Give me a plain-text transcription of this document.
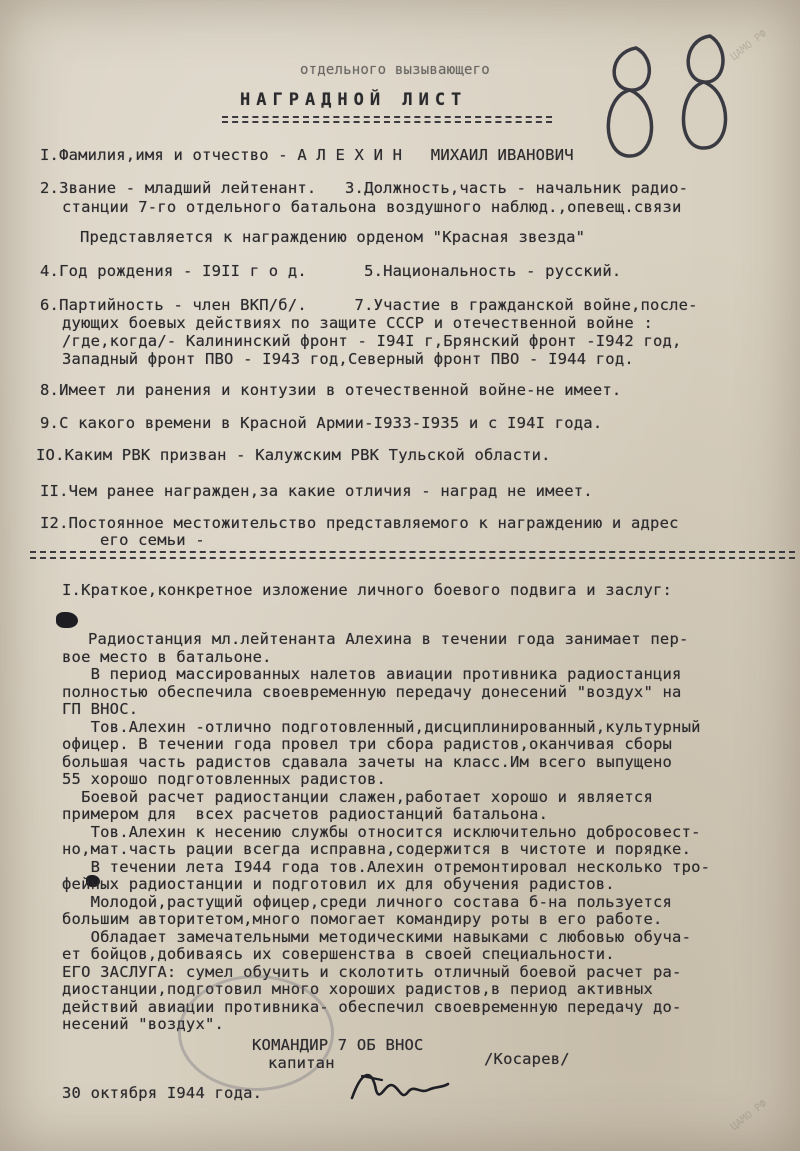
отдельного вызывающего
НАГРАДНОЙ ЛИСТ
I.Фамилия,имя и отчество - А Л Е Х И Н   МИХАИЛ ИВАНОВИЧ
2.Звание - младший лейтенант.   3.Должность,часть - начальник радио-
станции 7-го отдельного батальона воздушного наблюд.,опевещ.связи
Представляется к награждению орденом "Красная звезда"
4.Год рождения - I9II г о д.      5.Национальность - русский.
6.Партийность - член ВКП/б/.     7.Участие в гражданской войне,после-
дующих боевых действиях по защите СССР и отечественной войне :
/где,когда/- Калининский фронт - I94I г,Брянский фронт -I942 год,
Западный фронт ПВО - I943 год,Северный фронт ПВО - I944 год.
8.Имеет ли ранения и контузии в отечественной войне-не имеет.
9.С какого времени в Красной Армии-I933-I935 и с I94I года.
IO.Каким РВК призван - Калужским РВК Тульской области.
II.Чем ранее награжден,за какие отличия - наград не имеет.
I2.Постоянное местожительство представляемого к награждению и адрес
его семьи -
I.Краткое,конкретное изложение личного боевого подвига и заслуг:
Радиостанция мл.лейтенанта Алехина в течении года занимает пер-
вое место в батальоне.
В период массированных налетов авиации противника радиостанция
полностью обеспечила своевременную передачу донесений "воздух" на
ГП ВНОС.
Тов.Алехин -отлично подготовленный,дисциплинированный,культурный
офицер. В течении года провел три сбора радистов,оканчивая сборы
большая часть радистов сдавала зачеты на класс.Им всего выпущено
55 хорошо подготовленных радистов.
Боевой расчет радиостанции слажен,работает хорошо и является
примером для  всех расчетов радиостанций батальона.
Тов.Алехин к несению службы относится исключительно добросовест-
но,мат.часть рации всегда исправна,содержится в чистоте и порядке.
В течении лета I944 года тов.Алехин отремонтировал несколько тро-
фейных радиостанции и подготовил их для обучения радистов.
Молодой,растущий офицер,среди личного состава б-на пользуется
большим авторитетом,много помогает командиру роты в его работе.
Обладает замечательными методическими навыками с любовью обуча-
ет бойцов,добиваясь их совершенства в своей специальности.
ЕГО ЗАСЛУГА: сумел обучить и сколотить отличный боевой расчет ра-
диостанции,подготовил много хороших радистов,в период активных
действий авиации противника- обеспечил своевременную передачу до-
несений "воздух".
КОМАНДИР 7 ОБ ВНОС
капитан	/Косарев/
30 октября I944 года.
ЦАМО РФ
ЦАМО РФ
